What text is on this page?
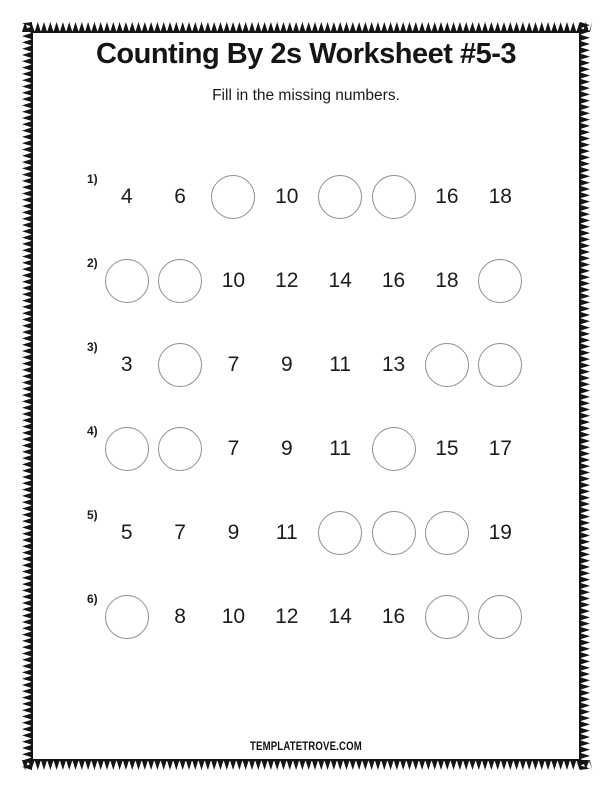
Counting By 2s Worksheet #5-3

Fill in the missing numbers.

1)
4	6	10	16	18
2)
10	12	14	16	18
3)
3	7	9	11	13
4)
7	9	11	15	17
5)
5	7	9	11	19
6)
8	10	12	14	16
TEMPLATETROVE.COM
